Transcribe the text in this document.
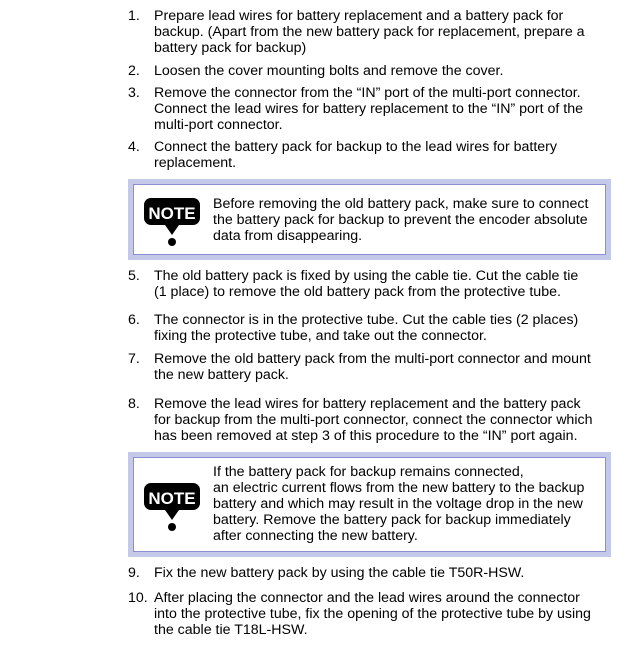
1. Prepare lead wires for battery replacement and a battery pack for
backup. (Apart from the new battery pack for replacement, prepare a
battery pack for backup)
2. Loosen the cover mounting bolts and remove the cover.
3. Remove the connector from the “IN” port of the multi-port connector.
Connect the lead wires for battery replacement to the “IN” port of the
multi-port connector.
4. Connect the battery pack for backup to the lead wires for battery
replacement.
NOTE Before removing the old battery pack, make sure to connect
the battery pack for backup to prevent the encoder absolute
data from disappearing.
5. The old battery pack is fixed by using the cable tie. Cut the cable tie
(1 place) to remove the old battery pack from the protective tube.
6. The connector is in the protective tube. Cut the cable ties (2 places)
fixing the protective tube, and take out the connector.
7. Remove the old battery pack from the multi-port connector and mount
the new battery pack.
8. Remove the lead wires for battery replacement and the battery pack
for backup from the multi-port connector, connect the connector which
has been removed at step 3 of this procedure to the “IN” port again.
NOTE
If the battery pack for backup remains connected,
an electric current flows from the new battery to the backup
battery and which may result in the voltage drop in the new
battery. Remove the battery pack for backup immediately
after connecting the new battery.
9. Fix the new battery pack by using the cable tie T50R-HSW.
10. After placing the connector and the lead wires around the connector
into the protective tube, fix the opening of the protective tube by using
the cable tie T18L-HSW.
